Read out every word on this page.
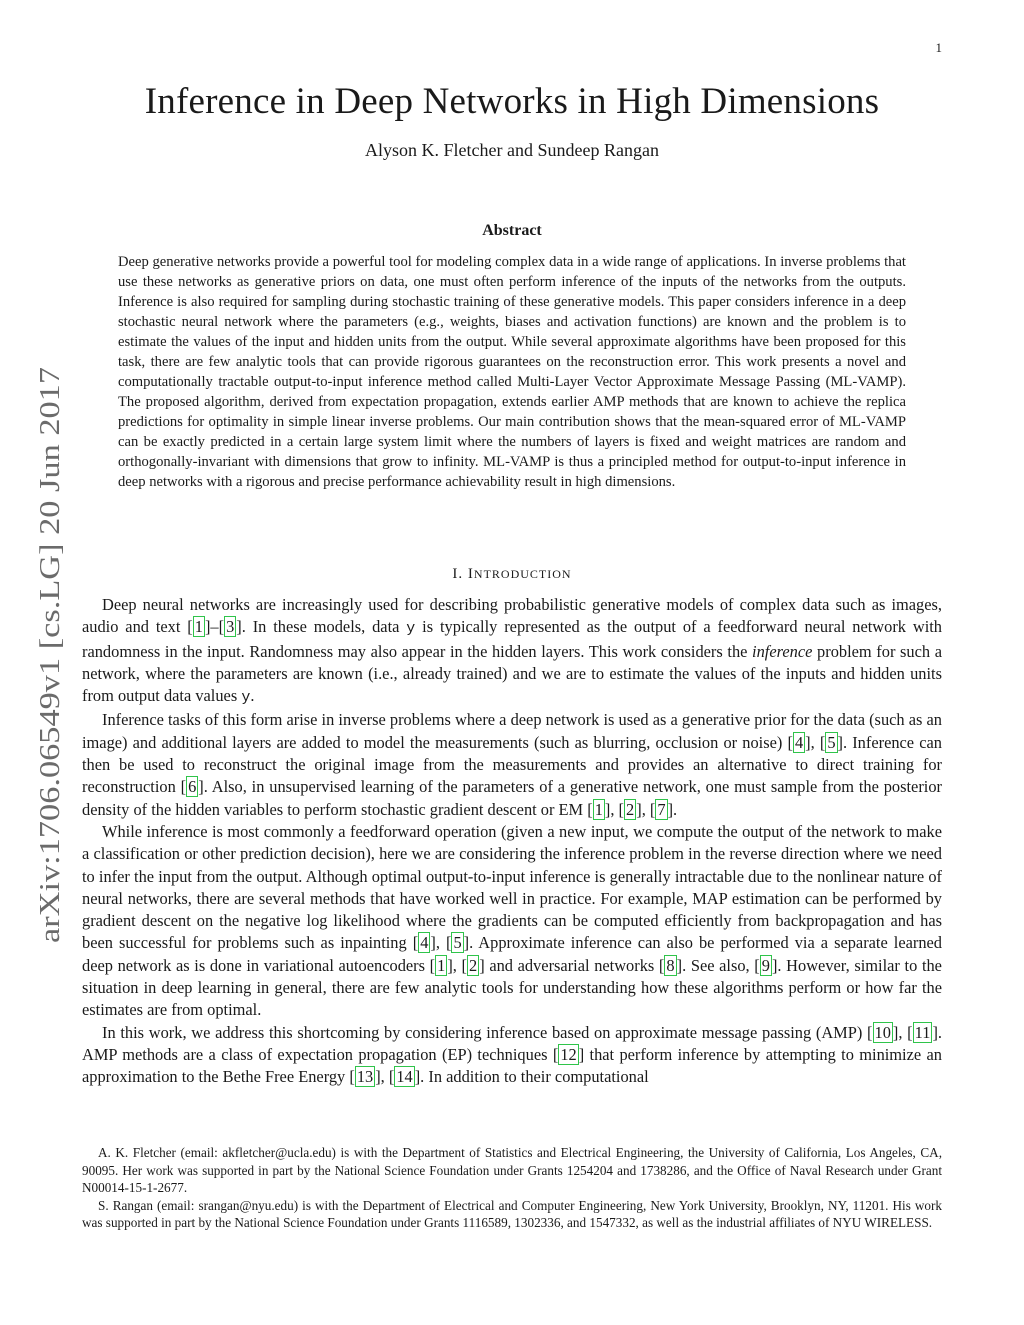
1
Inference in Deep Networks in High Dimensions
Alyson K. Fletcher and Sundeep Rangan
arXiv:1706.06549v1 [cs.LG] 20 Jun 2017
Abstract
Deep generative networks provide a powerful tool for modeling complex data in a wide range of applications. In inverse problems that use these networks as generative priors on data, one must often perform inference of the inputs of the networks from the outputs. Inference is also required for sampling during stochastic training of these generative models. This paper considers inference in a deep stochastic neural network where the parameters (e.g., weights, biases and activation functions) are known and the problem is to estimate the values of the input and hidden units from the output. While several approximate algorithms have been proposed for this task, there are few analytic tools that can provide rigorous guarantees on the reconstruction error. This work presents a novel and computationally tractable output-to-input inference method called Multi-Layer Vector Approximate Message Passing (ML-VAMP). The proposed algorithm, derived from expectation propagation, extends earlier AMP methods that are known to achieve the replica predictions for optimality in simple linear inverse problems. Our main contribution shows that the mean-squared error of ML-VAMP can be exactly predicted in a certain large system limit where the numbers of layers is fixed and weight matrices are random and orthogonally-invariant with dimensions that grow to infinity. ML-VAMP is thus a principled method for output-to-input inference in deep networks with a rigorous and precise performance achievability result in high dimensions.
I. INTRODUCTION

Deep neural networks are increasingly used for describing probabilistic generative models of complex data such as images, audio and text [ 1 ]–[ 3 ]. In these models, data y is typically represented as the output of a feedforward neural network with randomness in the input. Randomness may also appear in the hidden layers. This work considers the inference problem for such a network, where the parameters are known (i.e., already trained) and we are to estimate the values of the inputs and hidden units from output data values y.

Inference tasks of this form arise in inverse problems where a deep network is used as a generative prior for the data (such as an image) and additional layers are added to model the measurements (such as blurring, occlusion or noise) [ 4 ], [ 5 ]. Inference can then be used to reconstruct the original image from the measurements and provides an alternative to direct training for reconstruction [ 6 ]. Also, in unsupervised learning of the parameters of a generative network, one must sample from the posterior density of the hidden variables to perform stochastic gradient descent or EM [ 1 ], [ 2 ], [ 7 ].

While inference is most commonly a feedforward operation (given a new input, we compute the output of the network to make a classification or other prediction decision), here we are considering the inference problem in the reverse direction where we need to infer the input from the output. Although optimal output-to-input inference is generally intractable due to the nonlinear nature of neural networks, there are several methods that have worked well in practice. For example, MAP estimation can be performed by gradient descent on the negative log likelihood where the gradients can be computed efficiently from backpropagation and has been successful for problems such as inpainting [ 4 ], [ 5 ]. Approximate inference can also be performed via a separate learned deep network as is done in variational autoencoders [ 1 ], [ 2 ] and adversarial networks [ 8 ]. See also, [ 9 ]. However, similar to the situation in deep learning in general, there are few analytic tools for understanding how these algorithms perform or how far the estimates are from optimal.

In this work, we address this shortcoming by considering inference based on approximate message passing (AMP) [ 10 ], [ 11 ]. AMP methods are a class of expectation propagation (EP) techniques [ 12 ] that perform inference by attempting to minimize an approximation to the Bethe Free Energy [ 13 ], [ 14 ]. In addition to their computational

A. K. Fletcher (email: akfletcher@ucla.edu) is with the Department of Statistics and Electrical Engineering, the University of California, Los Angeles, CA, 90095. Her work was supported in part by the National Science Foundation under Grants 1254204 and 1738286, and the Office of Naval Research under Grant N00014-15-1-2677.

S. Rangan (email: srangan@nyu.edu) is with the Department of Electrical and Computer Engineering, New York University, Brooklyn, NY, 11201. His work was supported in part by the National Science Foundation under Grants 1116589, 1302336, and 1547332, as well as the industrial affiliates of NYU WIRELESS.
